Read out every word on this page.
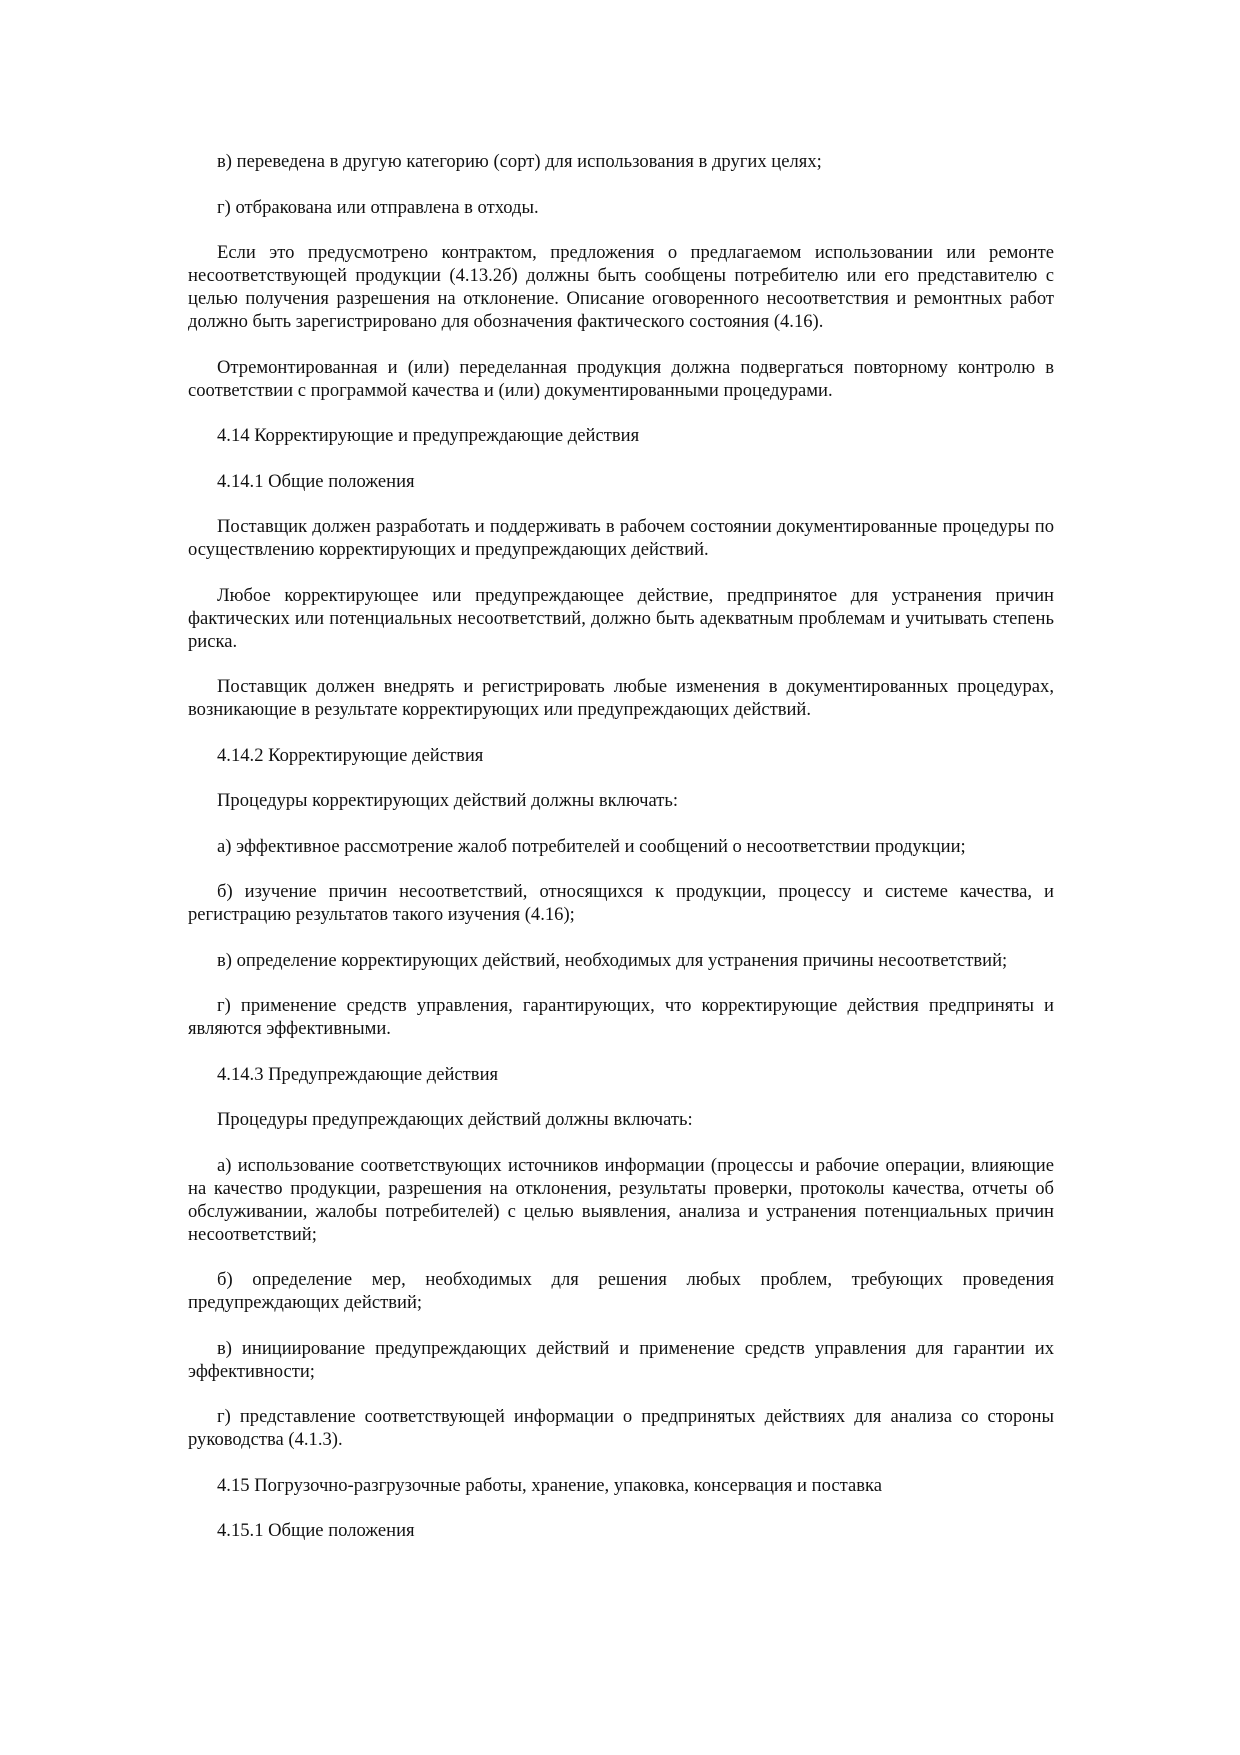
в) переведена в другую категорию (сорт) для использования в других целях;

г) отбракована или отправлена в отходы.

Если это предусмотрено контрактом, предложения о предлагаемом использовании или ремонте несоответствующей продукции (4.13.2б) должны быть сообщены потребителю или его представителю с целью получения разрешения на отклонение. Описание оговоренного несоответствия и ремонтных работ должно быть зарегистрировано для обозначения фактического состояния (4.16).

Отремонтированная и (или) переделанная продукция должна подвергаться повторному контролю в соответствии с программой качества и (или) документированными процедурами.

4.14 Корректирующие и предупреждающие действия

4.14.1 Общие положения

Поставщик должен разработать и поддерживать в рабочем состоянии документированные процедуры по осуществлению корректирующих и предупреждающих действий.

Любое корректирующее или предупреждающее действие, предпринятое для устранения причин фактических или потенциальных несоответствий, должно быть адекватным проблемам и учитывать степень риска.

Поставщик должен внедрять и регистрировать любые изменения в документированных процедурах, возникающие в результате корректирующих или предупреждающих действий.

4.14.2 Корректирующие действия

Процедуры корректирующих действий должны включать:

а) эффективное рассмотрение жалоб потребителей и сообщений о несоответствии продукции;

б) изучение причин несоответствий, относящихся к продукции, процессу и системе качества, и регистрацию результатов такого изучения (4.16);

в) определение корректирующих действий, необходимых для устранения причины несоответствий;

г) применение средств управления, гарантирующих, что корректирующие действия предприняты и являются эффективными.

4.14.3 Предупреждающие действия

Процедуры предупреждающих действий должны включать:

а) использование соответствующих источников информации (процессы и рабочие операции, влияющие на качество продукции, разрешения на отклонения, результаты проверки, протоколы качества, отчеты об обслуживании, жалобы потребителей) с целью выявления, анализа и устранения потенциальных причин несоответствий;

б) определение мер, необходимых для решения любых проблем, требующих проведения предупреждающих действий;

в) инициирование предупреждающих действий и применение средств управления для гарантии их эффективности;

г) представление соответствующей информации о предпринятых действиях для анализа со стороны руководства (4.1.3).

4.15 Погрузочно-разгрузочные работы, хранение, упаковка, консервация и поставка

4.15.1 Общие положения
